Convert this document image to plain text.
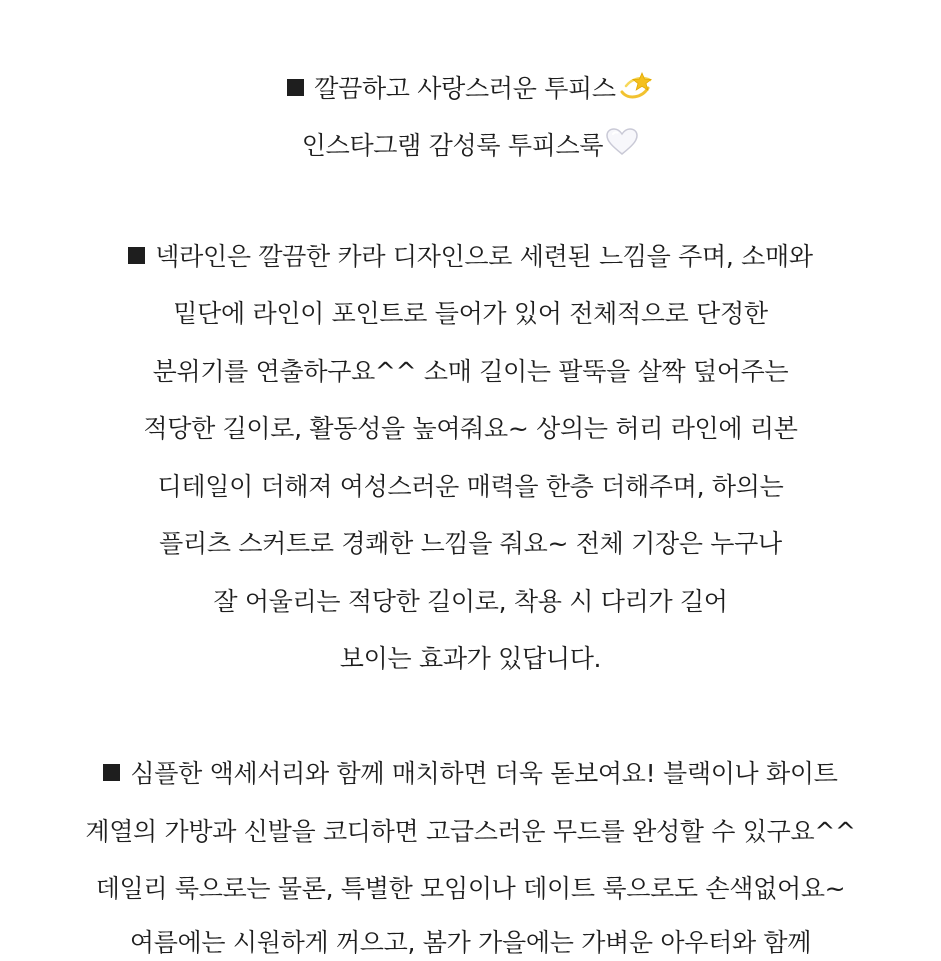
깔끔하고 사랑스러운 투피스
인스타그램 감성룩 투피스룩
넥라인은 깔끔한 카라 디자인으로 세련된 느낌을 주며, 소매와
밑단에 라인이 포인트로 들어가 있어 전체적으로 단정한
분위기를 연출하구요^^ 소매 길이는 팔뚝을 살짝 덮어주는
적당한 길이로, 활동성을 높여줘요~ 상의는 허리 라인에 리본
디테일이 더해져 여성스러운 매력을 한층 더해주며, 하의는
플리츠 스커트로 경쾌한 느낌을 줘요~ 전체 기장은 누구나
잘 어울리는 적당한 길이로, 착용 시 다리가 길어
보이는 효과가 있답니다.
심플한 액세서리와 함께 매치하면 더욱 돋보여요! 블랙이나 화이트
계열의 가방과 신발을 코디하면 고급스러운 무드를 완성할 수 있구요^^
데일리 룩으로는 물론, 특별한 모임이나 데이트 룩으로도 손색없어요~
여름에는 시원하게 꺼으고, 봄가 가을에는 가벼운 아우터와 함께
